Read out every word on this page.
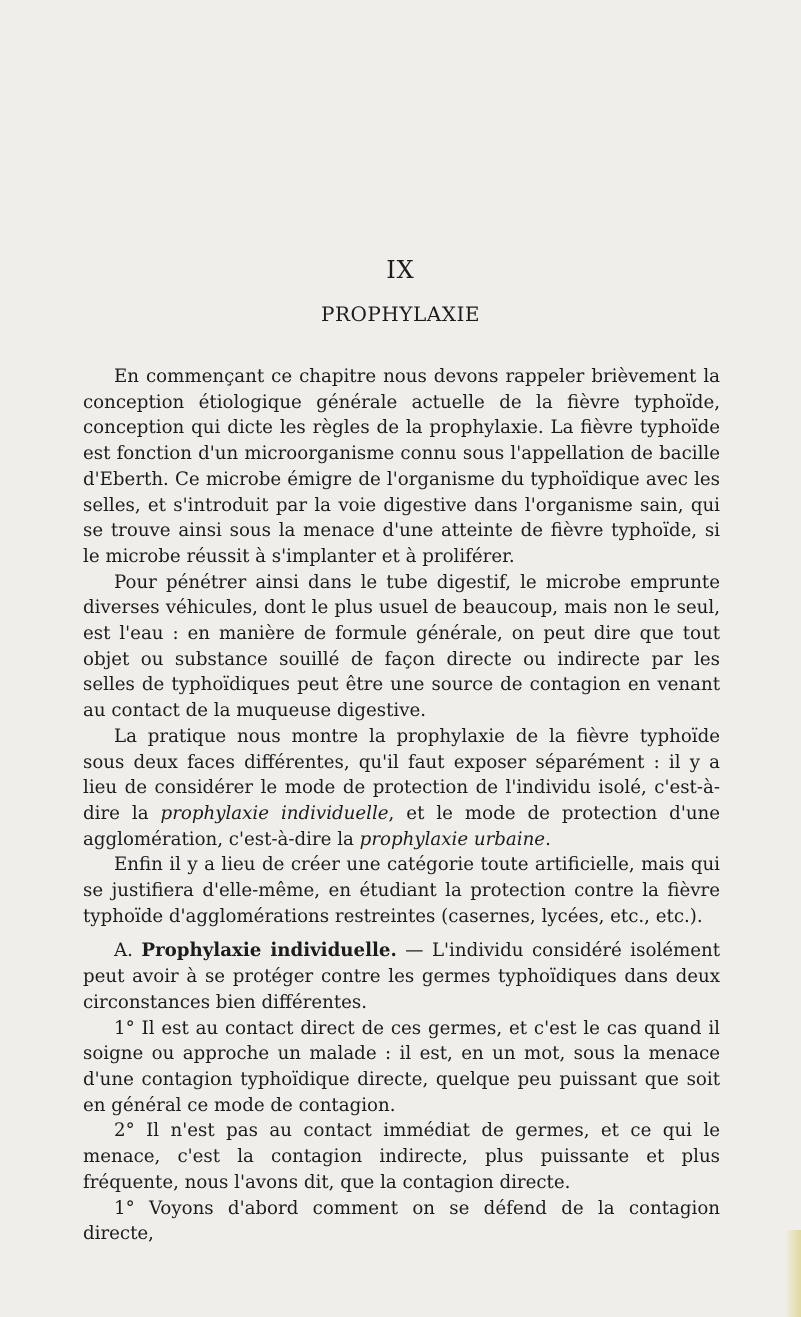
IX
PROPHYLAXIE

En commençant ce chapitre nous devons rappeler brièvement la conception étiologique générale actuelle de la fièvre typhoïde, conception qui dicte les règles de la prophylaxie. La fièvre typhoïde est fonction d'un microorganisme connu sous l'appellation de bacille d'Eberth. Ce microbe émigre de l'organisme du typhoïdique avec les selles, et s'introduit par la voie digestive dans l'organisme sain, qui se trouve ainsi sous la menace d'une atteinte de fièvre typhoïde, si le microbe réussit à s'implanter et à proliférer.

Pour pénétrer ainsi dans le tube digestif, le microbe emprunte diverses véhicules, dont le plus usuel de beaucoup, mais non le seul, est l'eau : en manière de formule générale, on peut dire que tout objet ou substance souillé de façon directe ou indirecte par les selles de typhoïdiques peut être une source de contagion en venant au contact de la muqueuse digestive.

La pratique nous montre la prophylaxie de la fièvre typhoïde sous deux faces différentes, qu'il faut exposer séparément : il y a lieu de considérer le mode de protection de l'individu isolé, c'est-à-dire la prophylaxie individuelle, et le mode de protection d'une agglomération, c'est-à-dire la prophylaxie urbaine.

Enfin il y a lieu de créer une catégorie toute artificielle, mais qui se justifiera d'elle-même, en étudiant la protection contre la fièvre typhoïde d'agglomérations restreintes (casernes, lycées, etc., etc.).

A. Prophylaxie individuelle. — L'individu considéré isolément peut avoir à se protéger contre les germes typhoïdiques dans deux circonstances bien différentes.

1° Il est au contact direct de ces germes, et c'est le cas quand il soigne ou approche un malade : il est, en un mot, sous la menace d'une contagion typhoïdique directe, quelque peu puissant que soit en général ce mode de contagion.

2° Il n'est pas au contact immédiat de germes, et ce qui le menace, c'est la contagion indirecte, plus puissante et plus fréquente, nous l'avons dit, que la contagion directe.

1° Voyons d'abord comment on se défend de la contagion directe,
